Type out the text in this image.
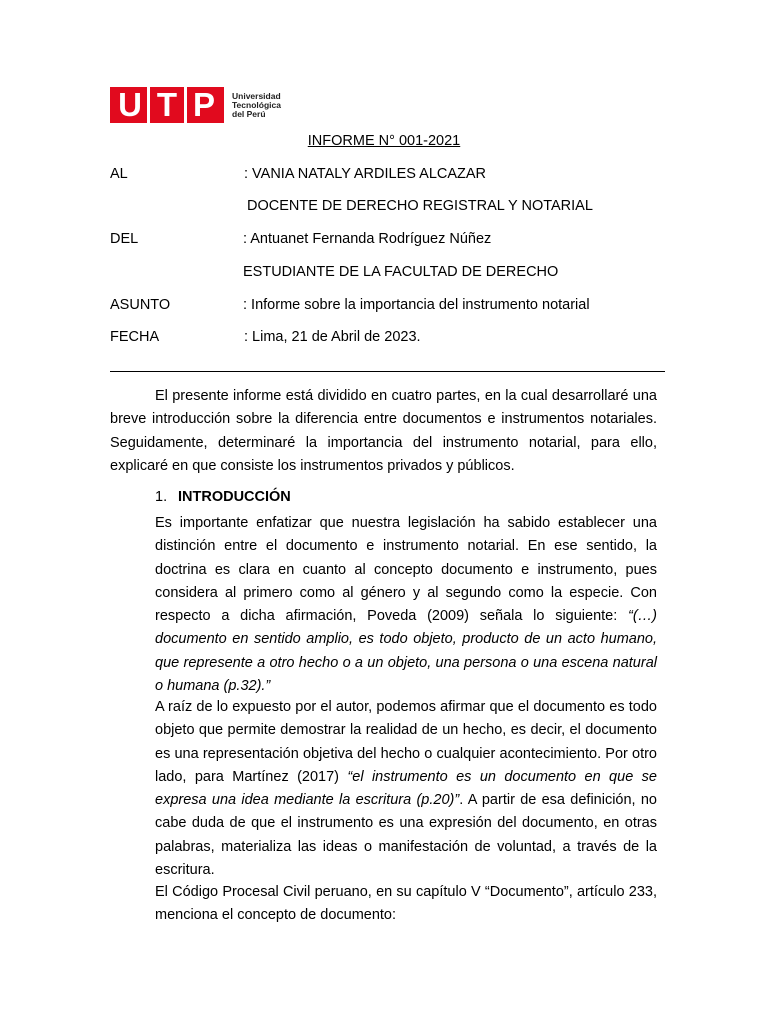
U T P	Universidad
Tecnológica
del Perú
INFORME N° 001-2021
AL	: VANIA NATALY ARDILES ALCAZAR
DOCENTE DE DERECHO REGISTRAL Y NOTARIAL
DEL	: Antuanet Fernanda Rodríguez Núñez
ESTUDIANTE DE LA FACULTAD DE DERECHO
ASUNTO	: Informe sobre la importancia del instrumento notarial
FECHA	: Lima, 21 de Abril de 2023.
El presente informe está dividido en cuatro partes, en la cual desarrollaré una breve introducción sobre la diferencia entre documentos e instrumentos notariales. Seguidamente, determinaré la importancia del instrumento notarial, para ello, explicaré en que consiste los instrumentos privados y públicos.
1. INTRODUCCIÓN
Es importante enfatizar que nuestra legislación ha sabido establecer una distinción entre el documento e instrumento notarial. En ese sentido, la doctrina es clara en cuanto al concepto documento e instrumento, pues considera al primero como al género y al segundo como la especie. Con respecto a dicha afirmación, Poveda (2009) señala lo siguiente: “(…) documento en sentido amplio, es todo objeto, producto de un acto humano, que represente a otro hecho o a un objeto, una persona o una escena natural o humana (p.32).”
A raíz de lo expuesto por el autor, podemos afirmar que el documento es todo objeto que permite demostrar la realidad de un hecho, es decir, el documento es una representación objetiva del hecho o cualquier acontecimiento. Por otro lado, para Martínez (2017) “el instrumento es un documento en que se expresa una idea mediante la escritura (p.20)”. A partir de esa definición, no cabe duda de que el instrumento es una expresión del documento, en otras palabras, materializa las ideas o manifestación de voluntad, a través de la escritura.
El Código Procesal Civil peruano, en su capítulo V “Documento”, artículo 233, menciona el concepto de documento:
